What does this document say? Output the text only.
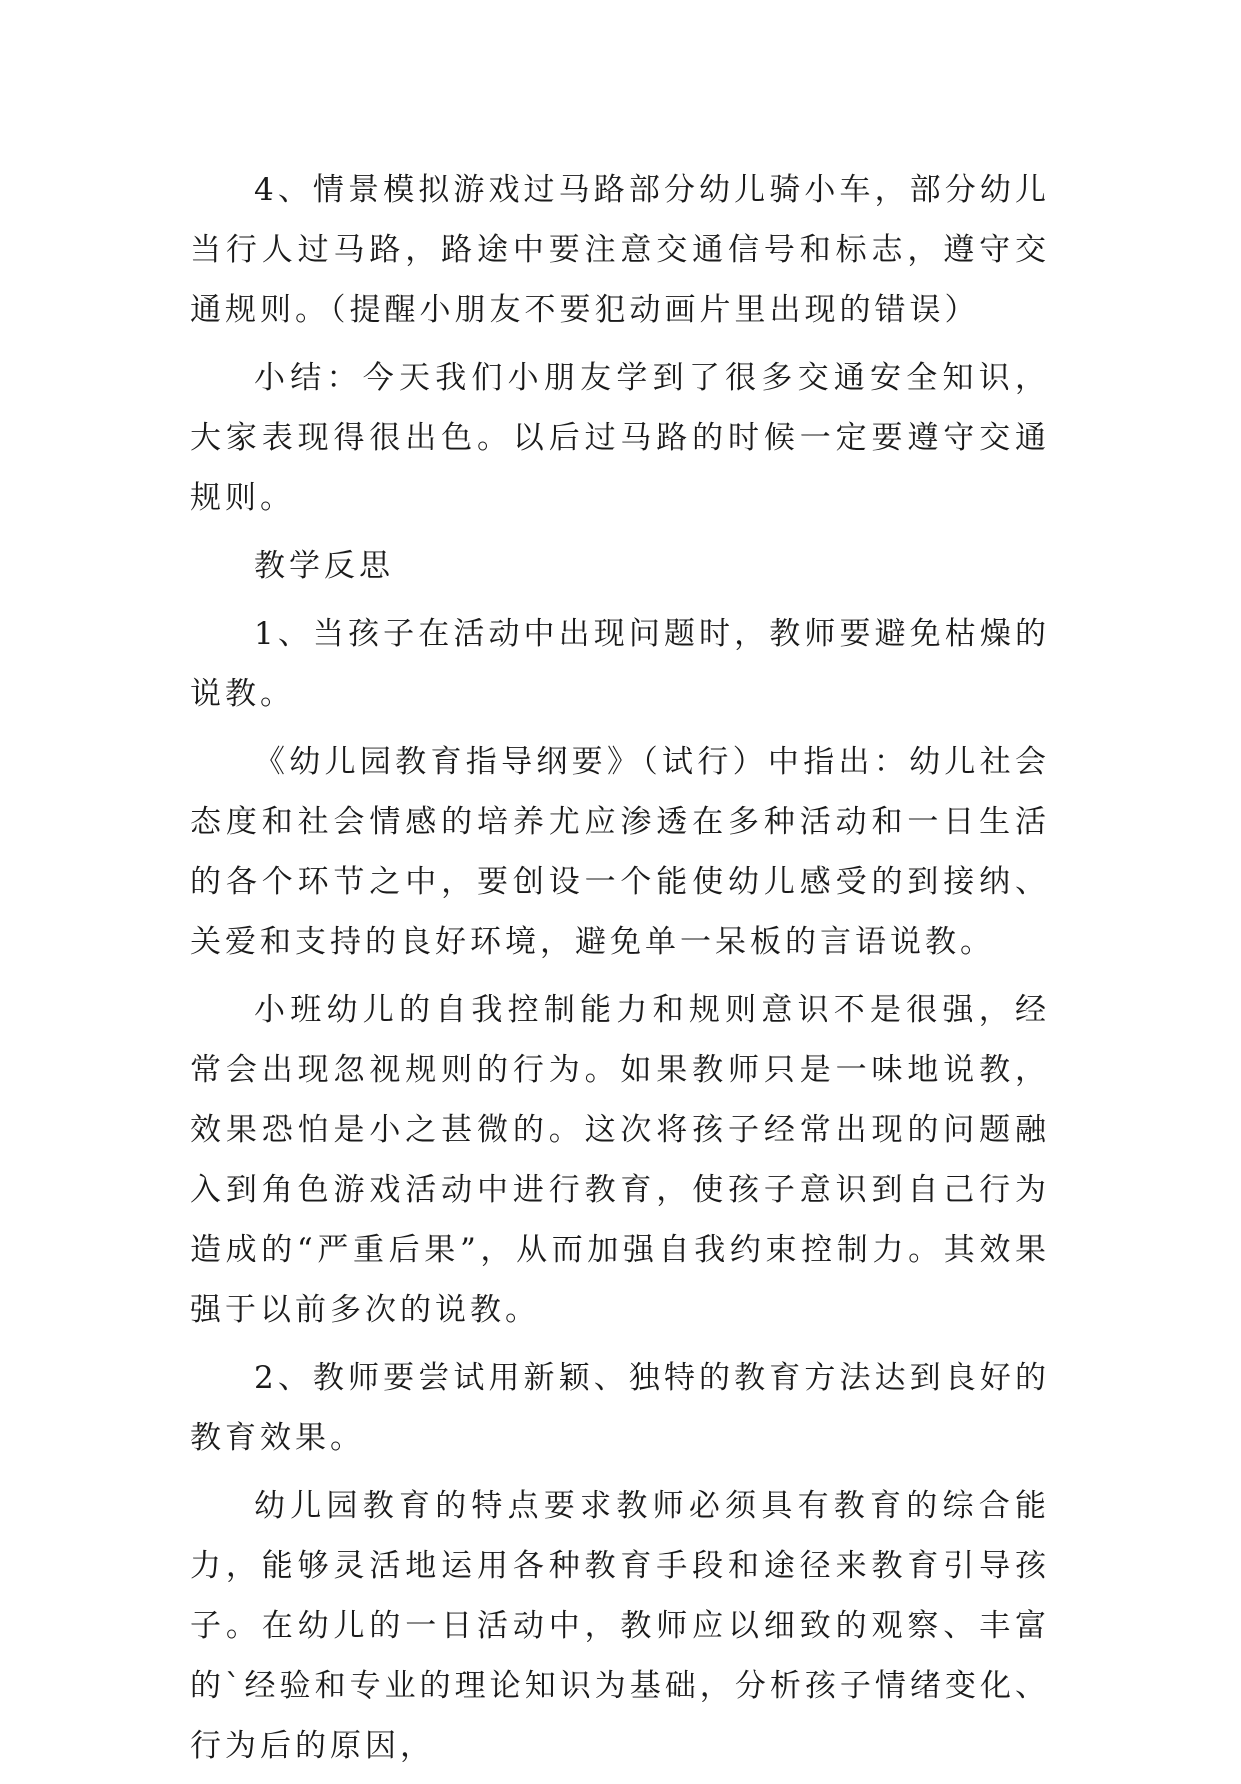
4、情景模拟游戏过马路部分幼儿骑小车，部分幼儿当行人过马路，路途中要注意交通信号和标志，遵守交通规则。（提醒小朋友不要犯动画片里出现的错误）

小结：今天我们小朋友学到了很多交通安全知识，大家表现得很出色。以后过马路的时候一定要遵守交通规则。

教学反思

1、当孩子在活动中出现问题时，教师要避免枯燥的说教。

《幼儿园教育指导纲要》（试行）中指出：幼儿社会态度和社会情感的培养尤应渗透在多种活动和一日生活的各个环节之中，要创设一个能使幼儿感受的到接纳、关爱和支持的良好环境，避免单一呆板的言语说教。

小班幼儿的自我控制能力和规则意识不是很强，经常会出现忽视规则的行为。如果教师只是一味地说教，效果恐怕是小之甚微的。这次将孩子经常出现的问题融入到角色游戏活动中进行教育，使孩子意识到自己行为造成的“严重后果”，从而加强自我约束控制力。其效果强于以前多次的说教。

2、教师要尝试用新颖、独特的教育方法达到良好的教育效果。

幼儿园教育的特点要求教师必须具有教育的综合能力，能够灵活地运用各种教育手段和途径来教育引导孩子。在幼儿的一日活动中，教师应以细致的观察、丰富的`经验和专业的理论知识为基础，分析孩子情绪变化、行为后的原因，
